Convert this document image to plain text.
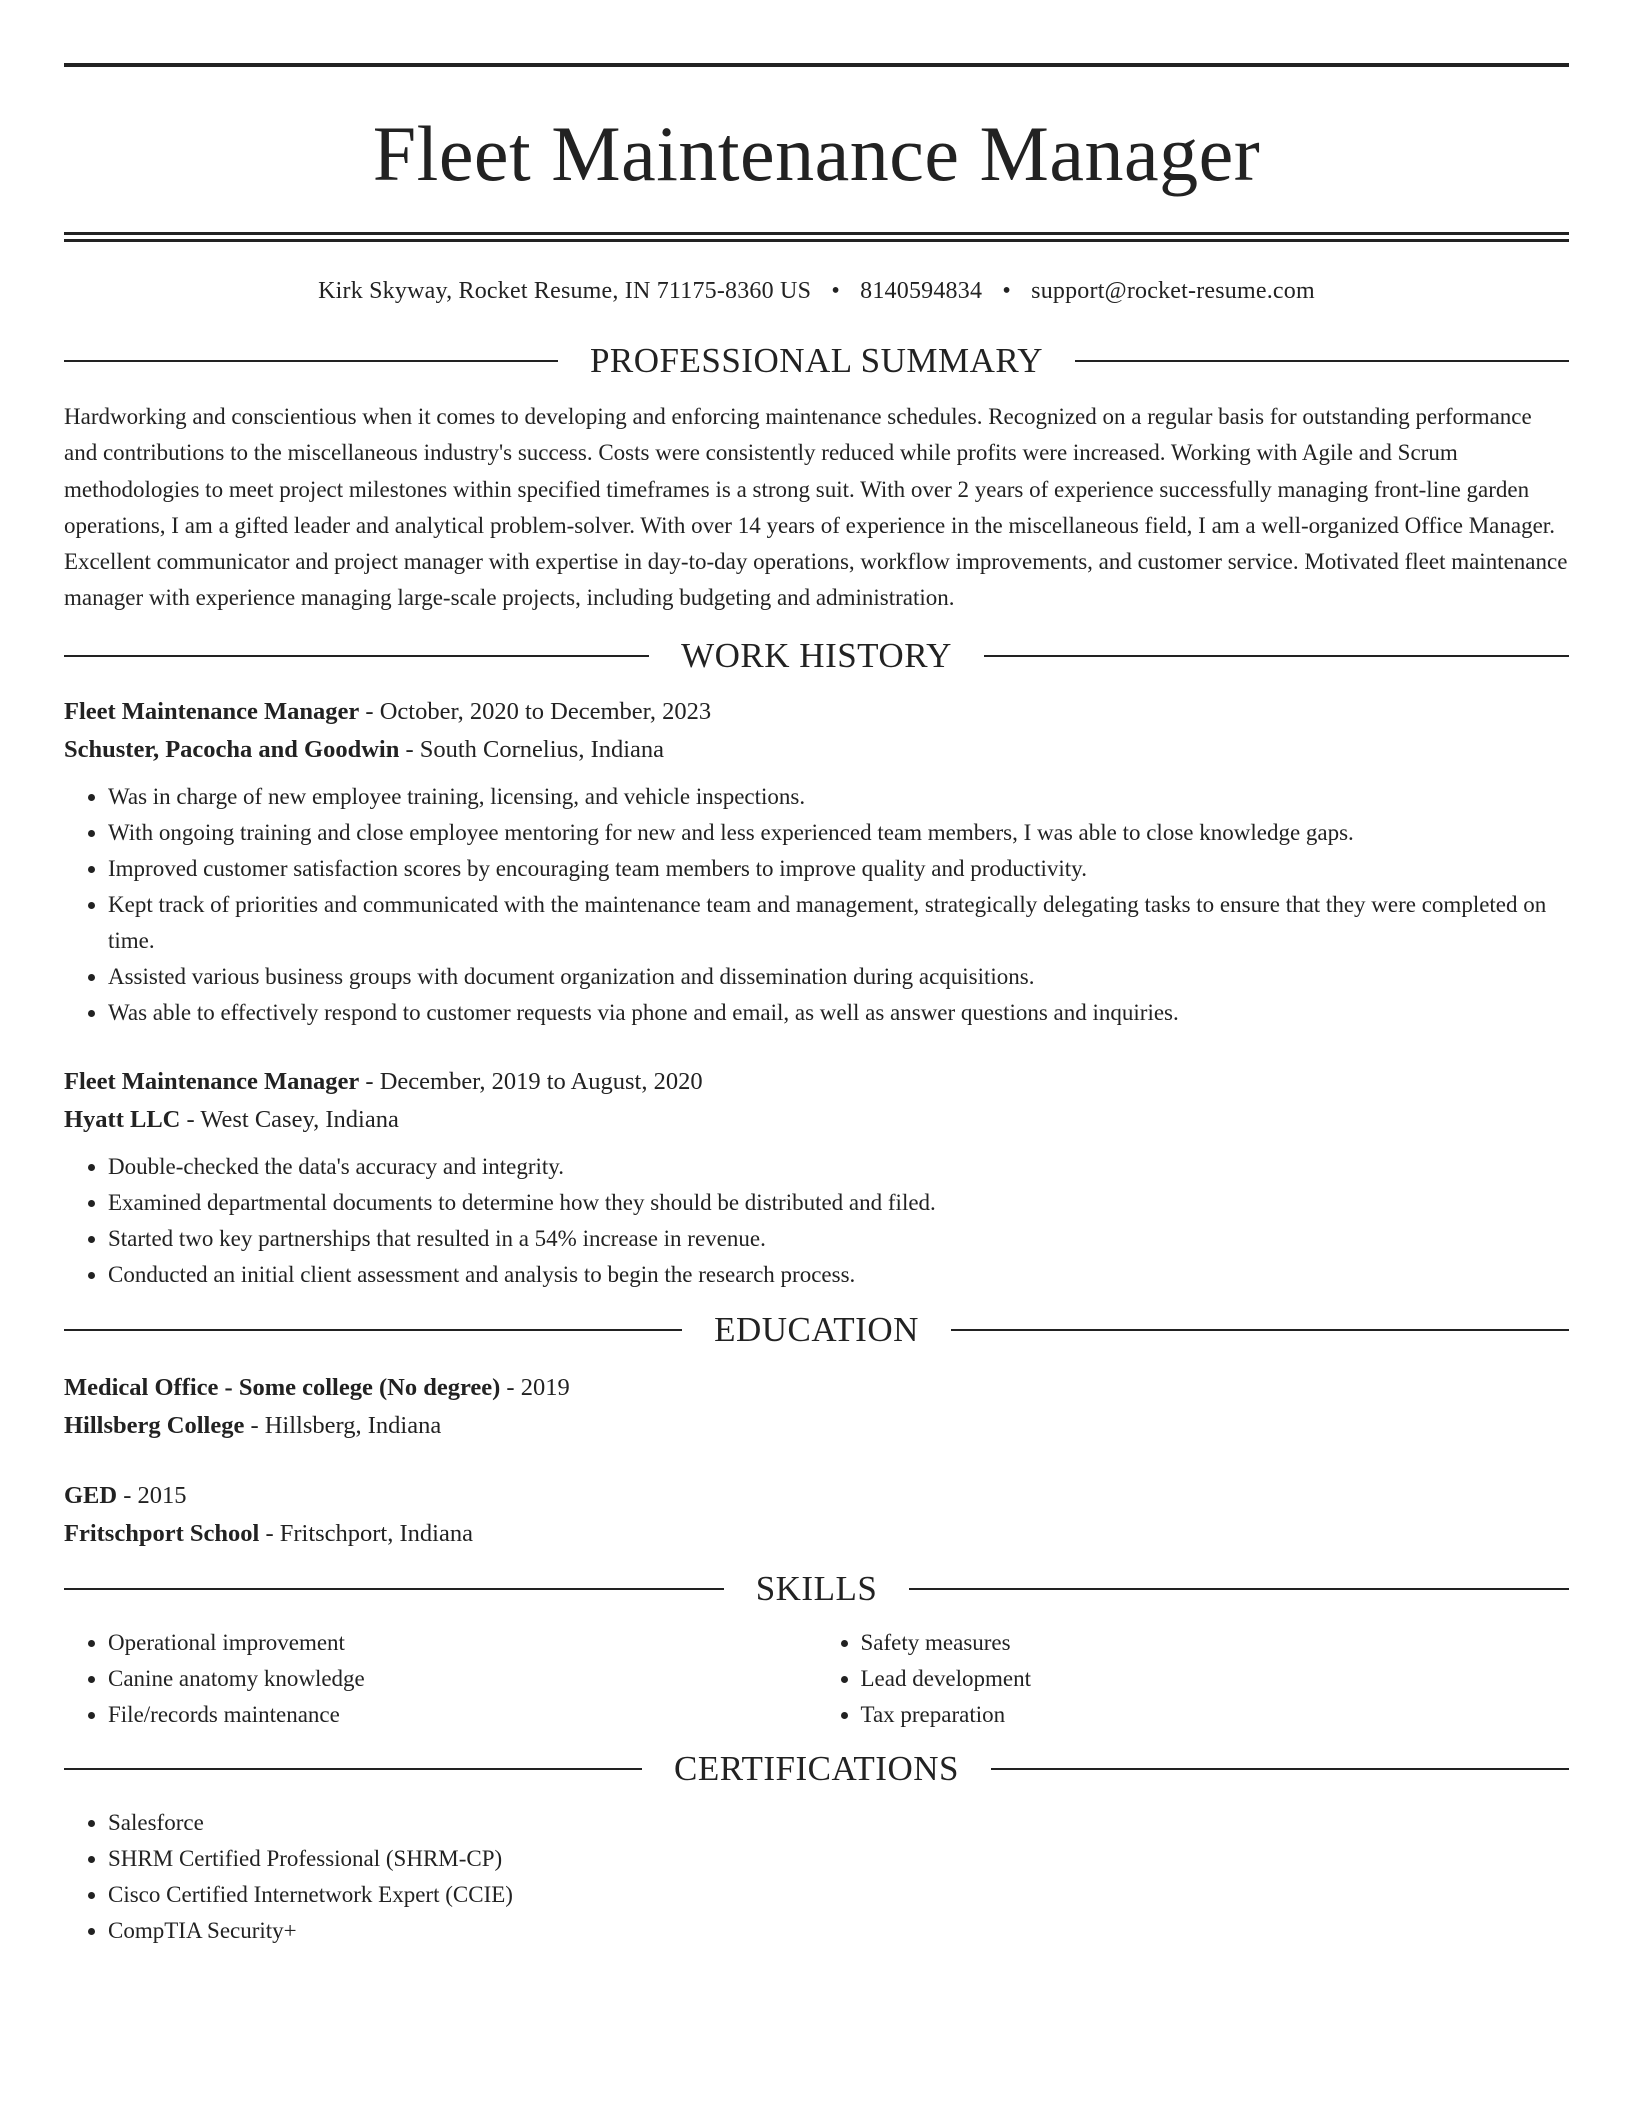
Fleet Maintenance Manager
Kirk Skyway, Rocket Resume, IN 71175-8360 US • 8140594834 • support@rocket-resume.com
PROFESSIONAL SUMMARY

Hardworking and conscientious when it comes to developing and enforcing maintenance schedules. Recognized on a regular basis for outstanding performance and contributions to the miscellaneous industry's success. Costs were consistently reduced while profits were increased. Working with Agile and Scrum methodologies to meet project milestones within specified timeframes is a strong suit. With over 2 years of experience successfully managing front-line garden operations, I am a gifted leader and analytical problem-solver. With over 14 years of experience in the miscellaneous field, I am a well-organized Office Manager. Excellent communicator and project manager with expertise in day-to-day operations, workflow improvements, and customer service. Motivated fleet maintenance manager with experience managing large-scale projects, including budgeting and administration.

WORK HISTORY
Fleet Maintenance Manager - October, 2020 to December, 2023
Schuster, Pacocha and Goodwin - South Cornelius, Indiana
• Was in charge of new employee training, licensing, and vehicle inspections.
• With ongoing training and close employee mentoring for new and less experienced team members, I was able to close knowledge gaps.
• Improved customer satisfaction scores by encouraging team members to improve quality and productivity.
• Kept track of priorities and communicated with the maintenance team and management, strategically delegating tasks to ensure that they were completed on time.
• Assisted various business groups with document organization and dissemination during acquisitions.
• Was able to effectively respond to customer requests via phone and email, as well as answer questions and inquiries.
Fleet Maintenance Manager - December, 2019 to August, 2020
Hyatt LLC - West Casey, Indiana
• Double-checked the data's accuracy and integrity.
• Examined departmental documents to determine how they should be distributed and filed.
• Started two key partnerships that resulted in a 54% increase in revenue.
• Conducted an initial client assessment and analysis to begin the research process.
EDUCATION
Medical Office - Some college (No degree) - 2019
Hillsberg College - Hillsberg, Indiana
GED - 2015
Fritschport School - Fritschport, Indiana
SKILLS
• Operational improvement
• Canine anatomy knowledge
• File/records maintenance
• Safety measures
• Lead development
• Tax preparation
CERTIFICATIONS
• Salesforce
• SHRM Certified Professional (SHRM-CP)
• Cisco Certified Internetwork Expert (CCIE)
• CompTIA Security+
